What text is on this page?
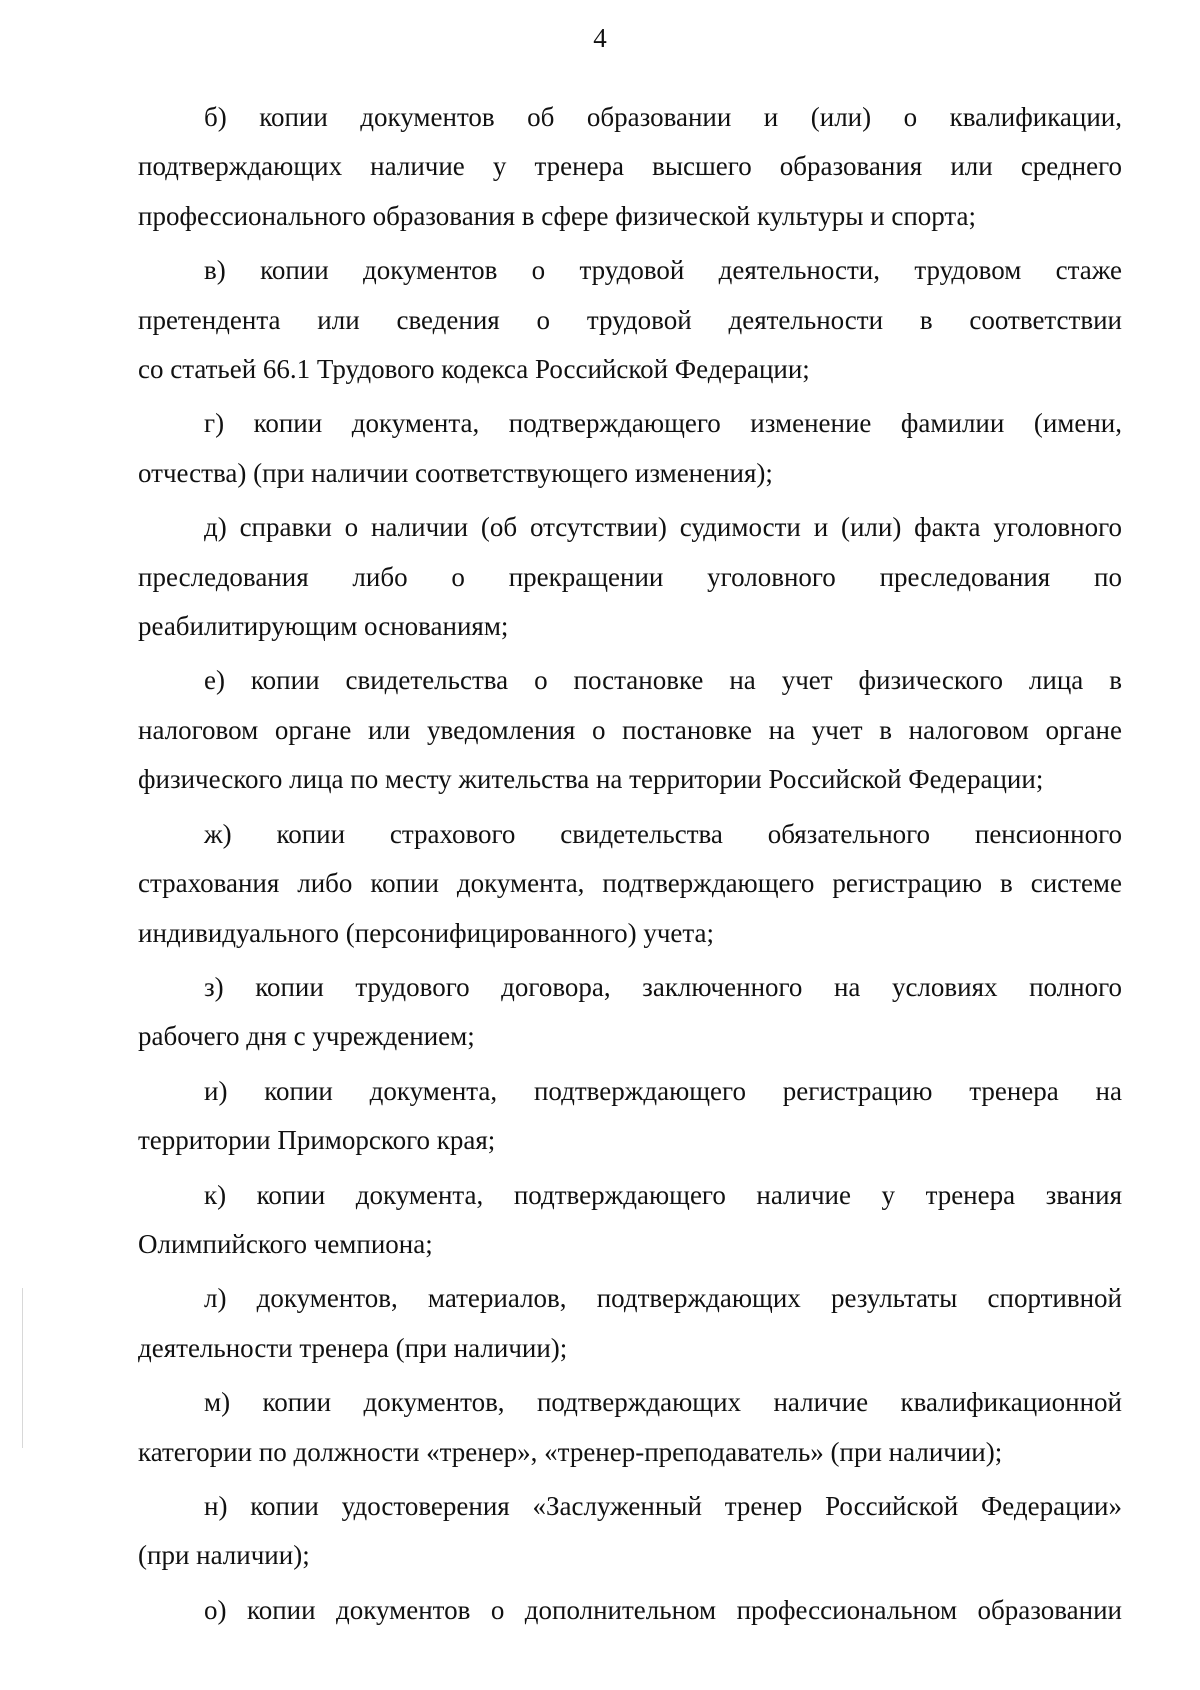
4
б) копии документов об образовании и (или) о квалификации,
подтверждающих наличие у тренера высшего образования или среднего
профессионального образования в сфере физической культуры и спорта;
в) копии документов о трудовой деятельности, трудовом стаже
претендента или сведения о трудовой деятельности в соответствии
со статьей 66.1 Трудового кодекса Российской Федерации;
г) копии документа, подтверждающего изменение фамилии (имени,
отчества) (при наличии соответствующего изменения);
д) справки о наличии (об отсутствии) судимости и (или) факта уголовного
преследования либо о прекращении уголовного преследования по
реабилитирующим основаниям;
е) копии свидетельства о постановке на учет физического лица в
налоговом органе или уведомления о постановке на учет в налоговом органе
физического лица по месту жительства на территории Российской Федерации;
ж) копии страхового свидетельства обязательного пенсионного
страхования либо копии документа, подтверждающего регистрацию в системе
индивидуального (персонифицированного) учета;
з) копии трудового договора, заключенного на условиях полного
рабочего дня с учреждением;
и) копии документа, подтверждающего регистрацию тренера на
территории Приморского края;
к) копии документа, подтверждающего наличие у тренера звания
Олимпийского чемпиона;
л) документов, материалов, подтверждающих результаты спортивной
деятельности тренера (при наличии);
м) копии документов, подтверждающих наличие квалификационной
категории по должности «тренер», «тренер-преподаватель» (при наличии);
н) копии удостоверения «Заслуженный тренер Российской Федерации»
(при наличии);
о) копии документов о дополнительном профессиональном образовании
